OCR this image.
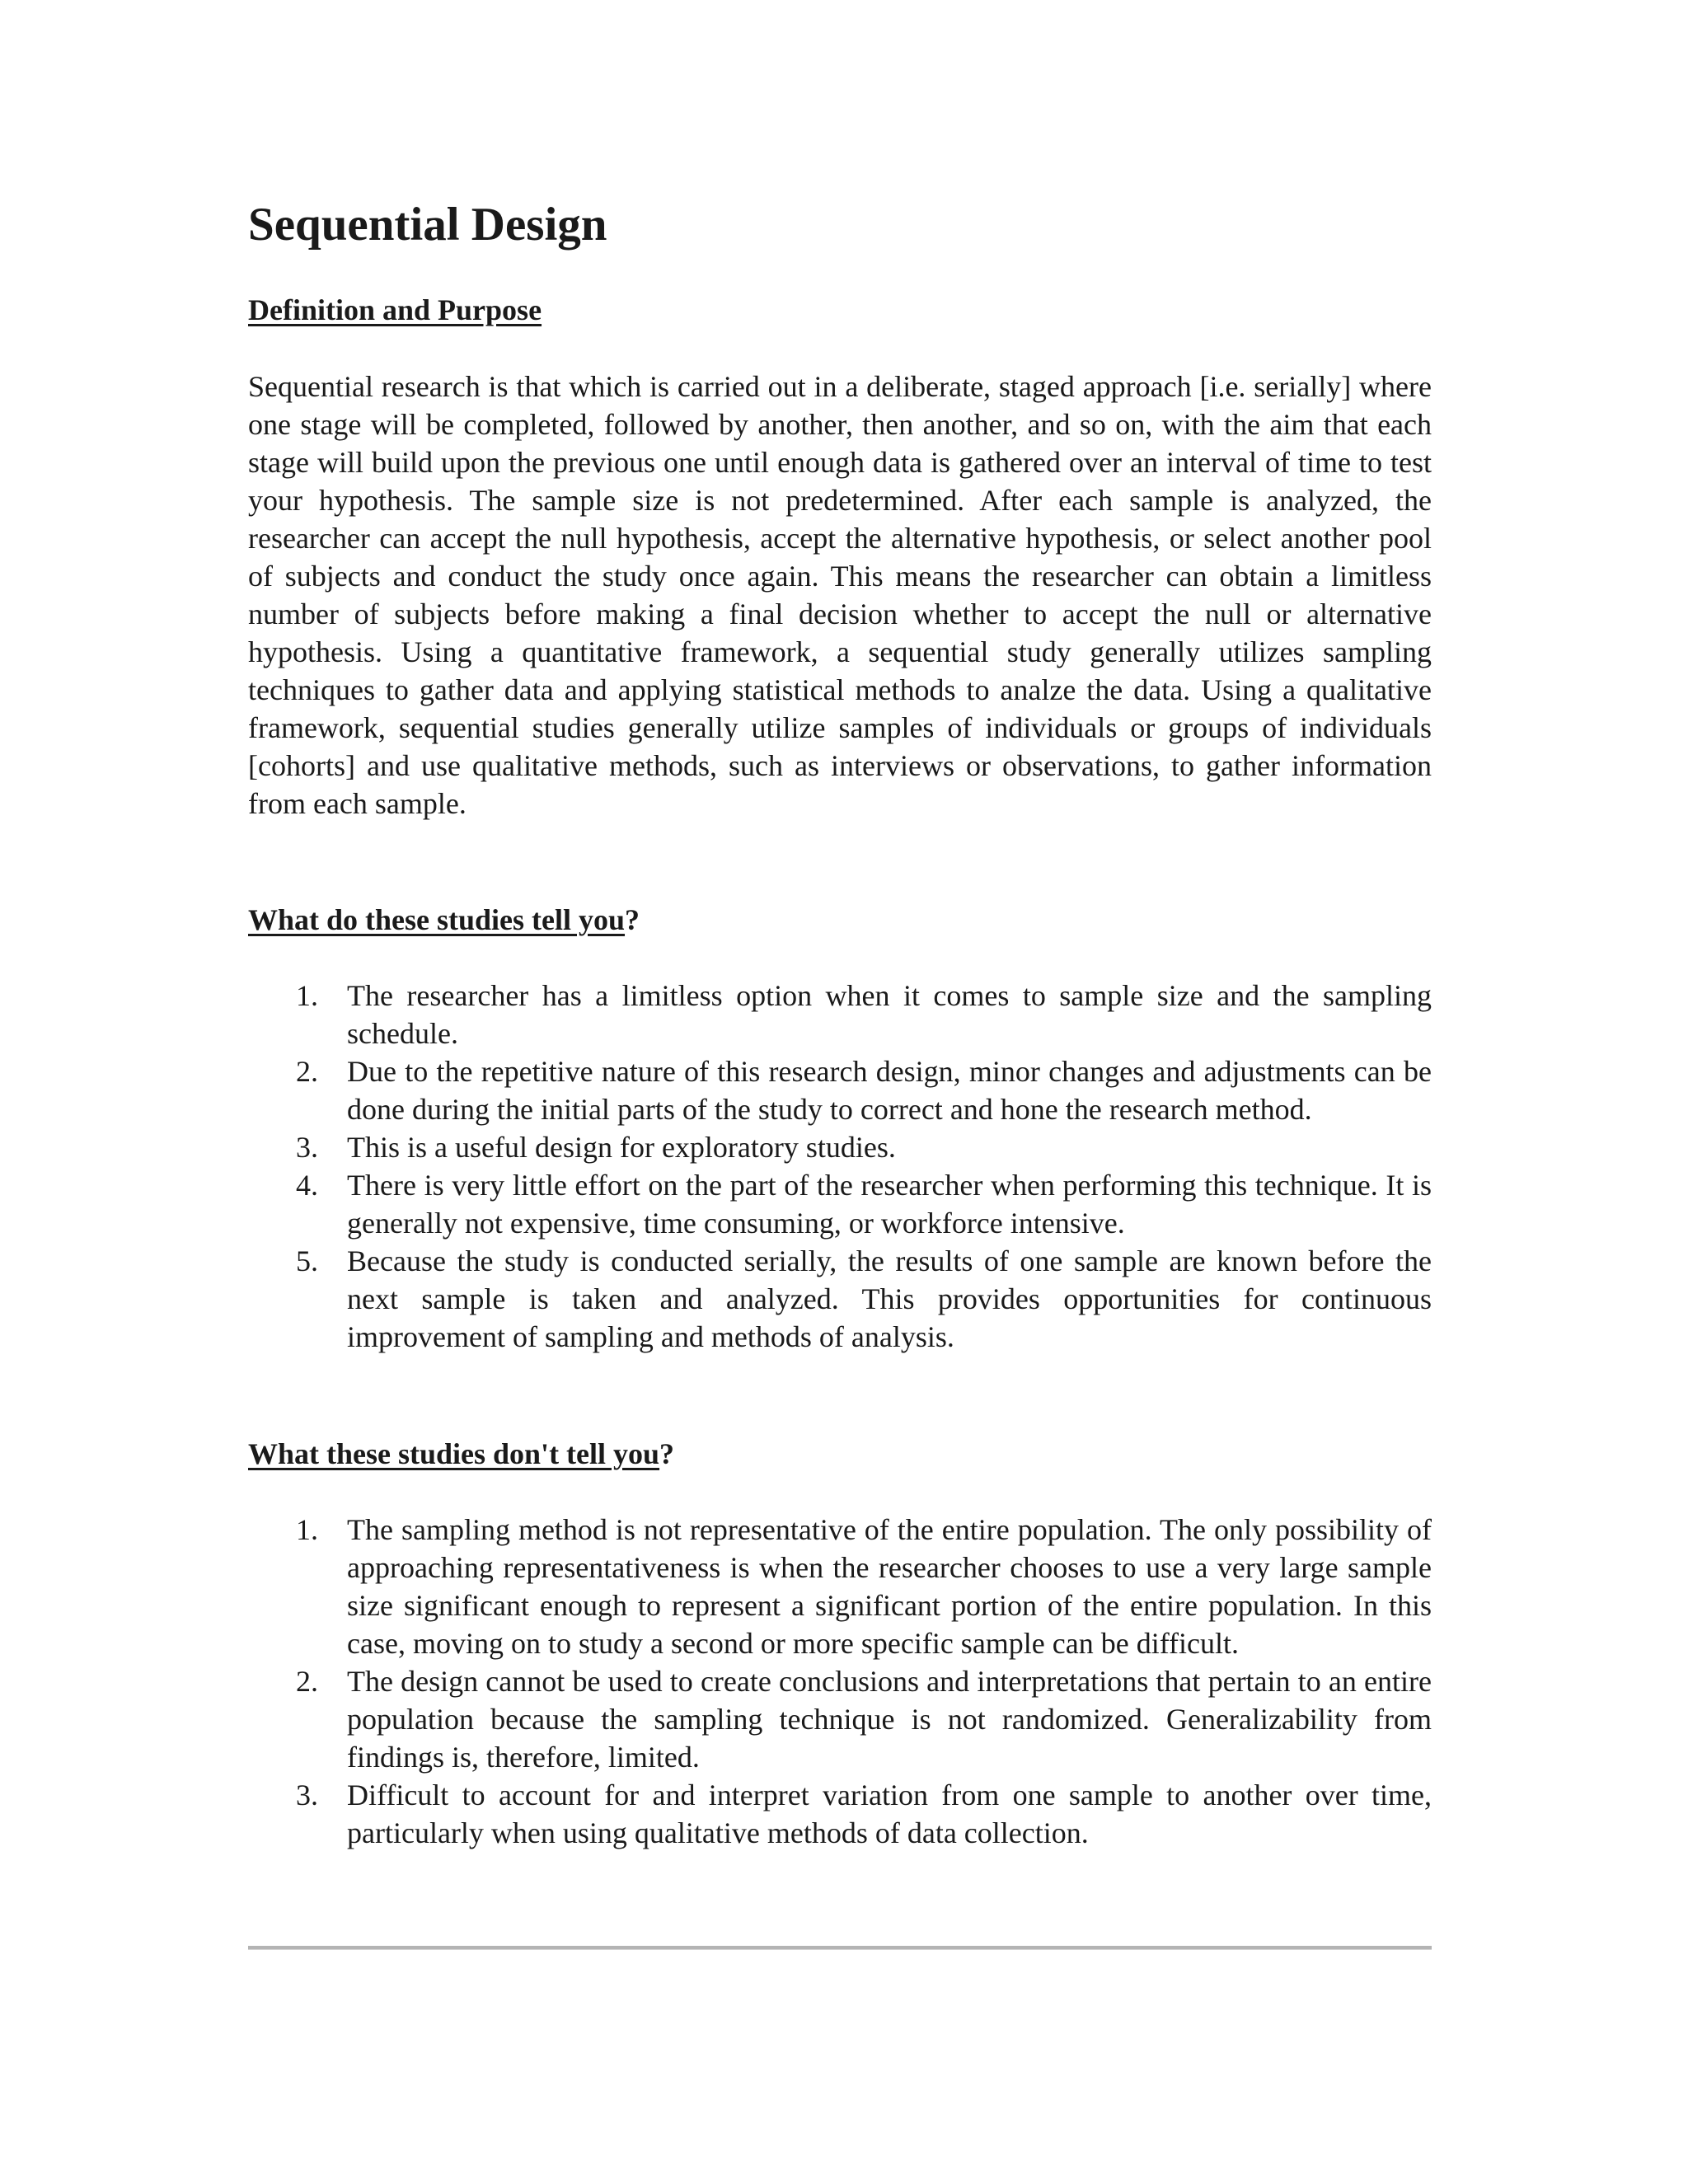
Sequential Design
Definition and Purpose

Sequential research is that which is carried out in a deliberate, staged approach [i.e. serially] where one stage will be completed, followed by another, then another, and so on, with the aim that each stage will build upon the previous one until enough data is gathered over an interval of time to test your hypothesis. The sample size is not predetermined. After each sample is analyzed, the researcher can accept the null hypothesis, accept the alternative hypothesis, or select another pool of subjects and conduct the study once again. This means the researcher can obtain a limitless number of subjects before making a final decision whether to accept the null or alternative hypothesis. Using a quantitative framework, a sequential study generally utilizes sampling techniques to gather data and applying statistical methods to analze the data. Using a qualitative framework, sequential studies generally utilize samples of individuals or groups of individuals [cohorts] and use qualitative methods, such as interviews or observations, to gather information from each sample.

What do these studies tell you?
1. The researcher has a limitless option when it comes to sample size and the sampling schedule.
2. Due to the repetitive nature of this research design, minor changes and adjustments can be done during the initial parts of the study to correct and hone the research method.
3. This is a useful design for exploratory studies.
4. There is very little effort on the part of the researcher when performing this technique. It is generally not expensive, time consuming, or workforce intensive.
5. Because the study is conducted serially, the results of one sample are known before the next sample is taken and analyzed. This provides opportunities for continuous improvement of sampling and methods of analysis.
What these studies don't tell you?
1. The sampling method is not representative of the entire population. The only possibility of approaching representativeness is when the researcher chooses to use a very large sample size significant enough to represent a significant portion of the entire population. In this case, moving on to study a second or more specific sample can be difficult.
2. The design cannot be used to create conclusions and interpretations that pertain to an entire population because the sampling technique is not randomized. Generalizability from findings is, therefore, limited.
3. Difficult to account for and interpret variation from one sample to another over time, particularly when using qualitative methods of data collection.
